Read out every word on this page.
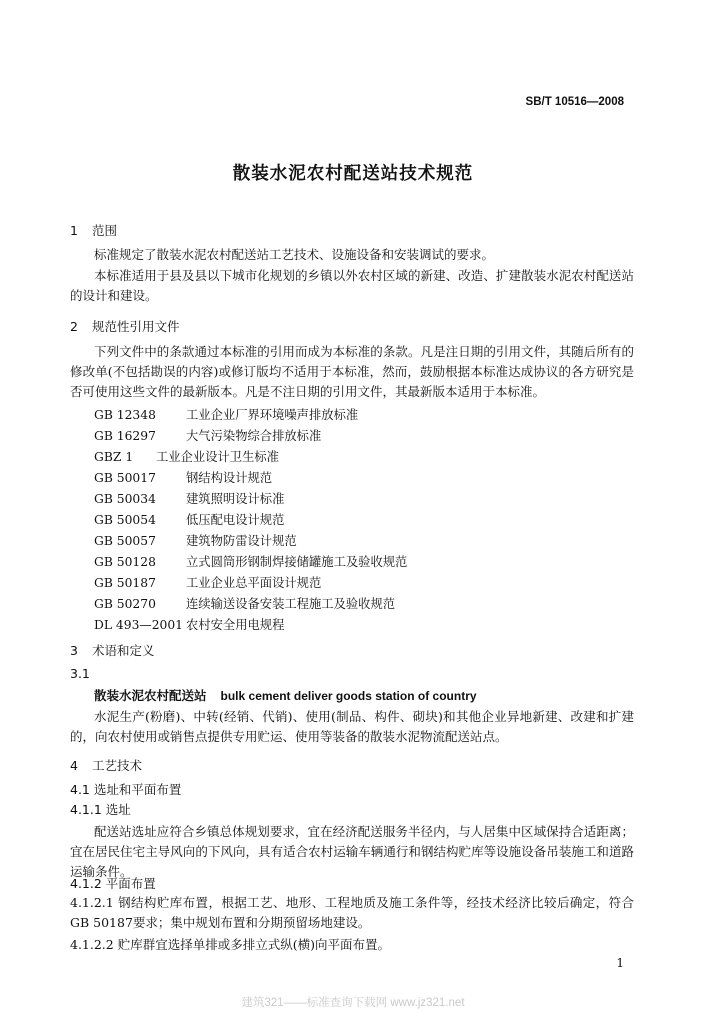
SB/T 10516—2008
散装水泥农村配送站技术规范
1 范围
标准规定了散装水泥农村配送站工艺技术、设施设备和安装调试的要求。
本标准适用于县及县以下城市化规划的乡镇以外农村区域的新建、改造、扩建散装水泥农村配送站的设计和建设。
2 规范性引用文件
下列文件中的条款通过本标准的引用而成为本标准的条款。凡是注日期的引用文件，其随后所有的修改单(不包括勘误的内容)或修订版均不适用于本标准，然而，鼓励根据本标准达成协议的各方研究是否可使用这些文件的最新版本。凡是不注日期的引用文件，其最新版本适用于本标准。
GB 12348 工业企业厂界环境噪声排放标准
GB 16297 大气污染物综合排放标准
GBZ 1 工业企业设计卫生标准
GB 50017 钢结构设计规范
GB 50034 建筑照明设计标准
GB 50054 低压配电设计规范
GB 50057 建筑物防雷设计规范
GB 50128 立式圆筒形钢制焊接储罐施工及验收规范
GB 50187 工业企业总平面设计规范
GB 50270 连续输送设备安装工程施工及验收规范
DL 493—2001 农村安全用电规程
3 术语和定义
3.1
散装水泥农村配送站 bulk cement deliver goods station of country
水泥生产(粉磨)、中转(经销、代销)、使用(制品、构件、砌块)和其他企业异地新建、改建和扩建的，向农村使用或销售点提供专用贮运、使用等装备的散装水泥物流配送站点。
4 工艺技术
4.1 选址和平面布置
4.1.1 选址
配送站选址应符合乡镇总体规划要求，宜在经济配送服务半径内，与人居集中区域保持合适距离；宜在居民住宅主导风向的下风向，具有适合农村运输车辆通行和钢结构贮库等设施设备吊装施工和道路运输条件。
4.1.2 平面布置
4.1.2.1 钢结构贮库布置，根据工艺、地形、工程地质及施工条件等，经技术经济比较后确定，符合GB 50187要求；集中规划布置和分期预留场地建设。
4.1.2.2 贮库群宜选择单排或多排立式纵(横)向平面布置。
1
建筑321——标准查询下载网 www.jz321.net
